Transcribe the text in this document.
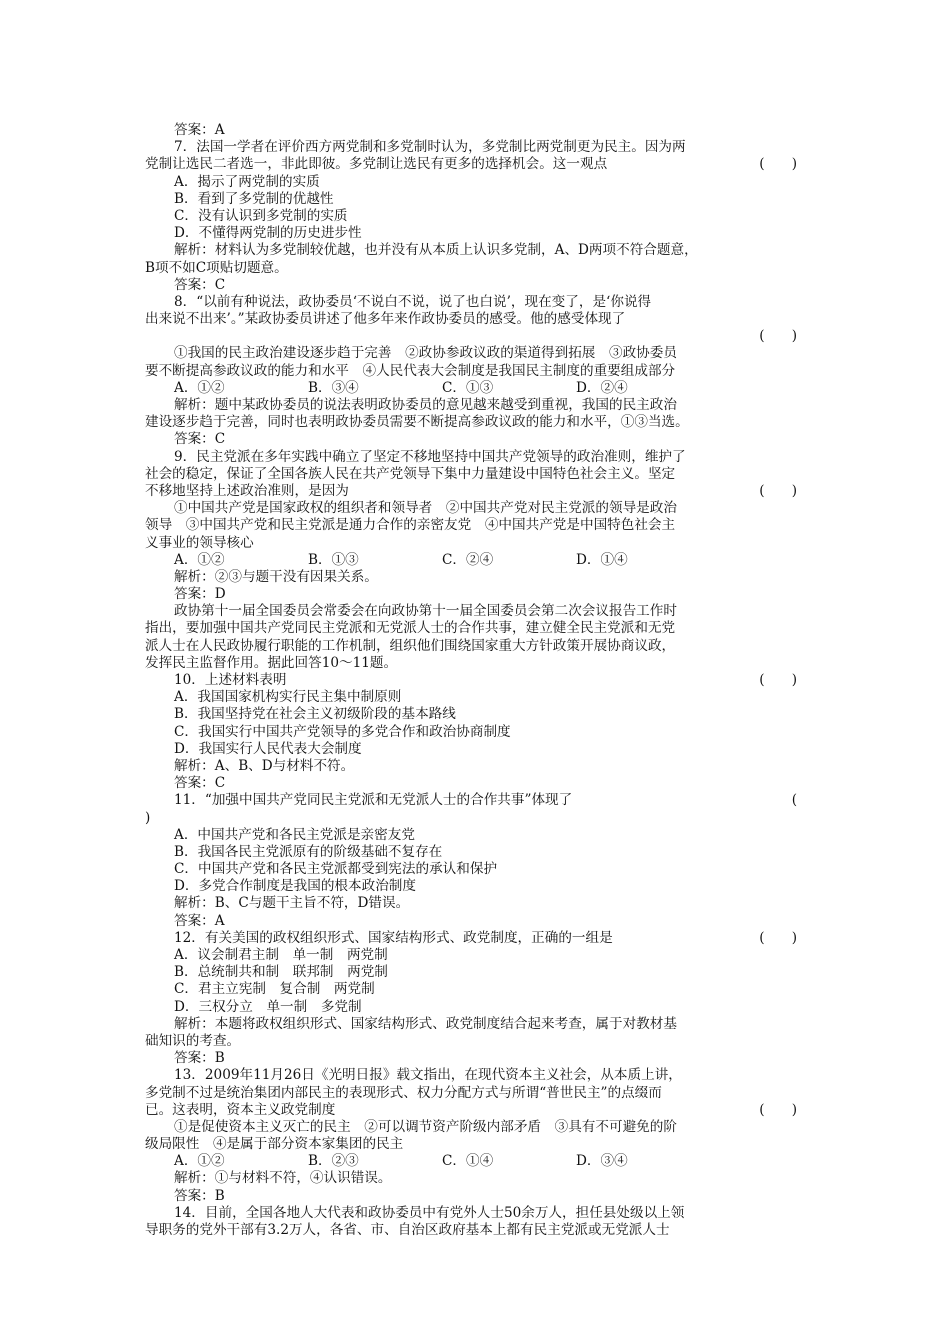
答案：A
7．法国一学者在评价西方两党制和多党制时认为，多党制比两党制更为民主。因为两
党制让选民二者选一，非此即彼。多党制让选民有更多的选择机会。这一观点	(　　)
A．揭示了两党制的实质
B．看到了多党制的优越性
C．没有认识到多党制的实质
D．不懂得两党制的历史进步性
解析：材料认为多党制较优越，也并没有从本质上认识多党制，A、D两项不符合题意，
B项不如C项贴切题意。
答案：C
8．“以前有种说法，政协委员‘不说白不说，说了也白说’，现在变了，是‘你说得
出来说不出来’。”某政协委员讲述了他多年来作政协委员的感受。他的感受体现了
(　　)
①我国的民主政治建设逐步趋于完善　②政协参政议政的渠道得到拓展　③政协委员
要不断提高参政议政的能力和水平　④人民代表大会制度是我国民主制度的重要组成部分
A．①②	B．③④	C．①③	D．②④
解析：题中某政协委员的说法表明政协委员的意见越来越受到重视，我国的民主政治
建设逐步趋于完善，同时也表明政协委员需要不断提高参政议政的能力和水平，①③当选。
答案：C
9．民主党派在多年实践中确立了坚定不移地坚持中国共产党领导的政治准则，维护了
社会的稳定，保证了全国各族人民在共产党领导下集中力量建设中国特色社会主义。坚定
不移地坚持上述政治准则，是因为	(　　)
①中国共产党是国家政权的组织者和领导者　②中国共产党对民主党派的领导是政治
领导　③中国共产党和民主党派是通力合作的亲密友党　④中国共产党是中国特色社会主
义事业的领导核心
A．①②	B．①③	C．②④	D．①④
解析：②③与题干没有因果关系。
答案：D
政协第十一届全国委员会常委会在向政协第十一届全国委员会第二次会议报告工作时
指出，要加强中国共产党同民主党派和无党派人士的合作共事，建立健全民主党派和无党
派人士在人民政协履行职能的工作机制，组织他们围绕国家重大方针政策开展协商议政，
发挥民主监督作用。据此回答10～11题。
10．上述材料表明	(　　)
A．我国国家机构实行民主集中制原则
B．我国坚持党在社会主义初级阶段的基本路线
C．我国实行中国共产党领导的多党合作和政治协商制度
D．我国实行人民代表大会制度
解析：A、B、D与材料不符。
答案：C
11．“加强中国共产党同民主党派和无党派人士的合作共事”体现了	(
)
A．中国共产党和各民主党派是亲密友党
B．我国各民主党派原有的阶级基础不复存在
C．中国共产党和各民主党派都受到宪法的承认和保护
D．多党合作制度是我国的根本政治制度
解析：B、C与题干主旨不符，D错误。
答案：A
12．有关美国的政权组织形式、国家结构形式、政党制度，正确的一组是	(　　)
A．议会制君主制　单一制　两党制
B．总统制共和制　联邦制　两党制
C．君主立宪制　复合制　两党制
D．三权分立　单一制　多党制
解析：本题将政权组织形式、国家结构形式、政党制度结合起来考查，属于对教材基
础知识的考查。
答案：B
13．2009年11月26日《光明日报》载文指出，在现代资本主义社会，从本质上讲，
多党制不过是统治集团内部民主的表现形式、权力分配方式与所谓“普世民主”的点缀而
已。这表明，资本主义政党制度	(　　)
①是促使资本主义灭亡的民主　②可以调节资产阶级内部矛盾　③具有不可避免的阶
级局限性　④是属于部分资本家集团的民主
A．①②	B．②③	C．①④	D．③④
解析：①与材料不符，④认识错误。
答案：B
14．目前，全国各地人大代表和政协委员中有党外人士50余万人，担任县处级以上领
导职务的党外干部有3.2万人，各省、市、自治区政府基本上都有民主党派或无党派人士
